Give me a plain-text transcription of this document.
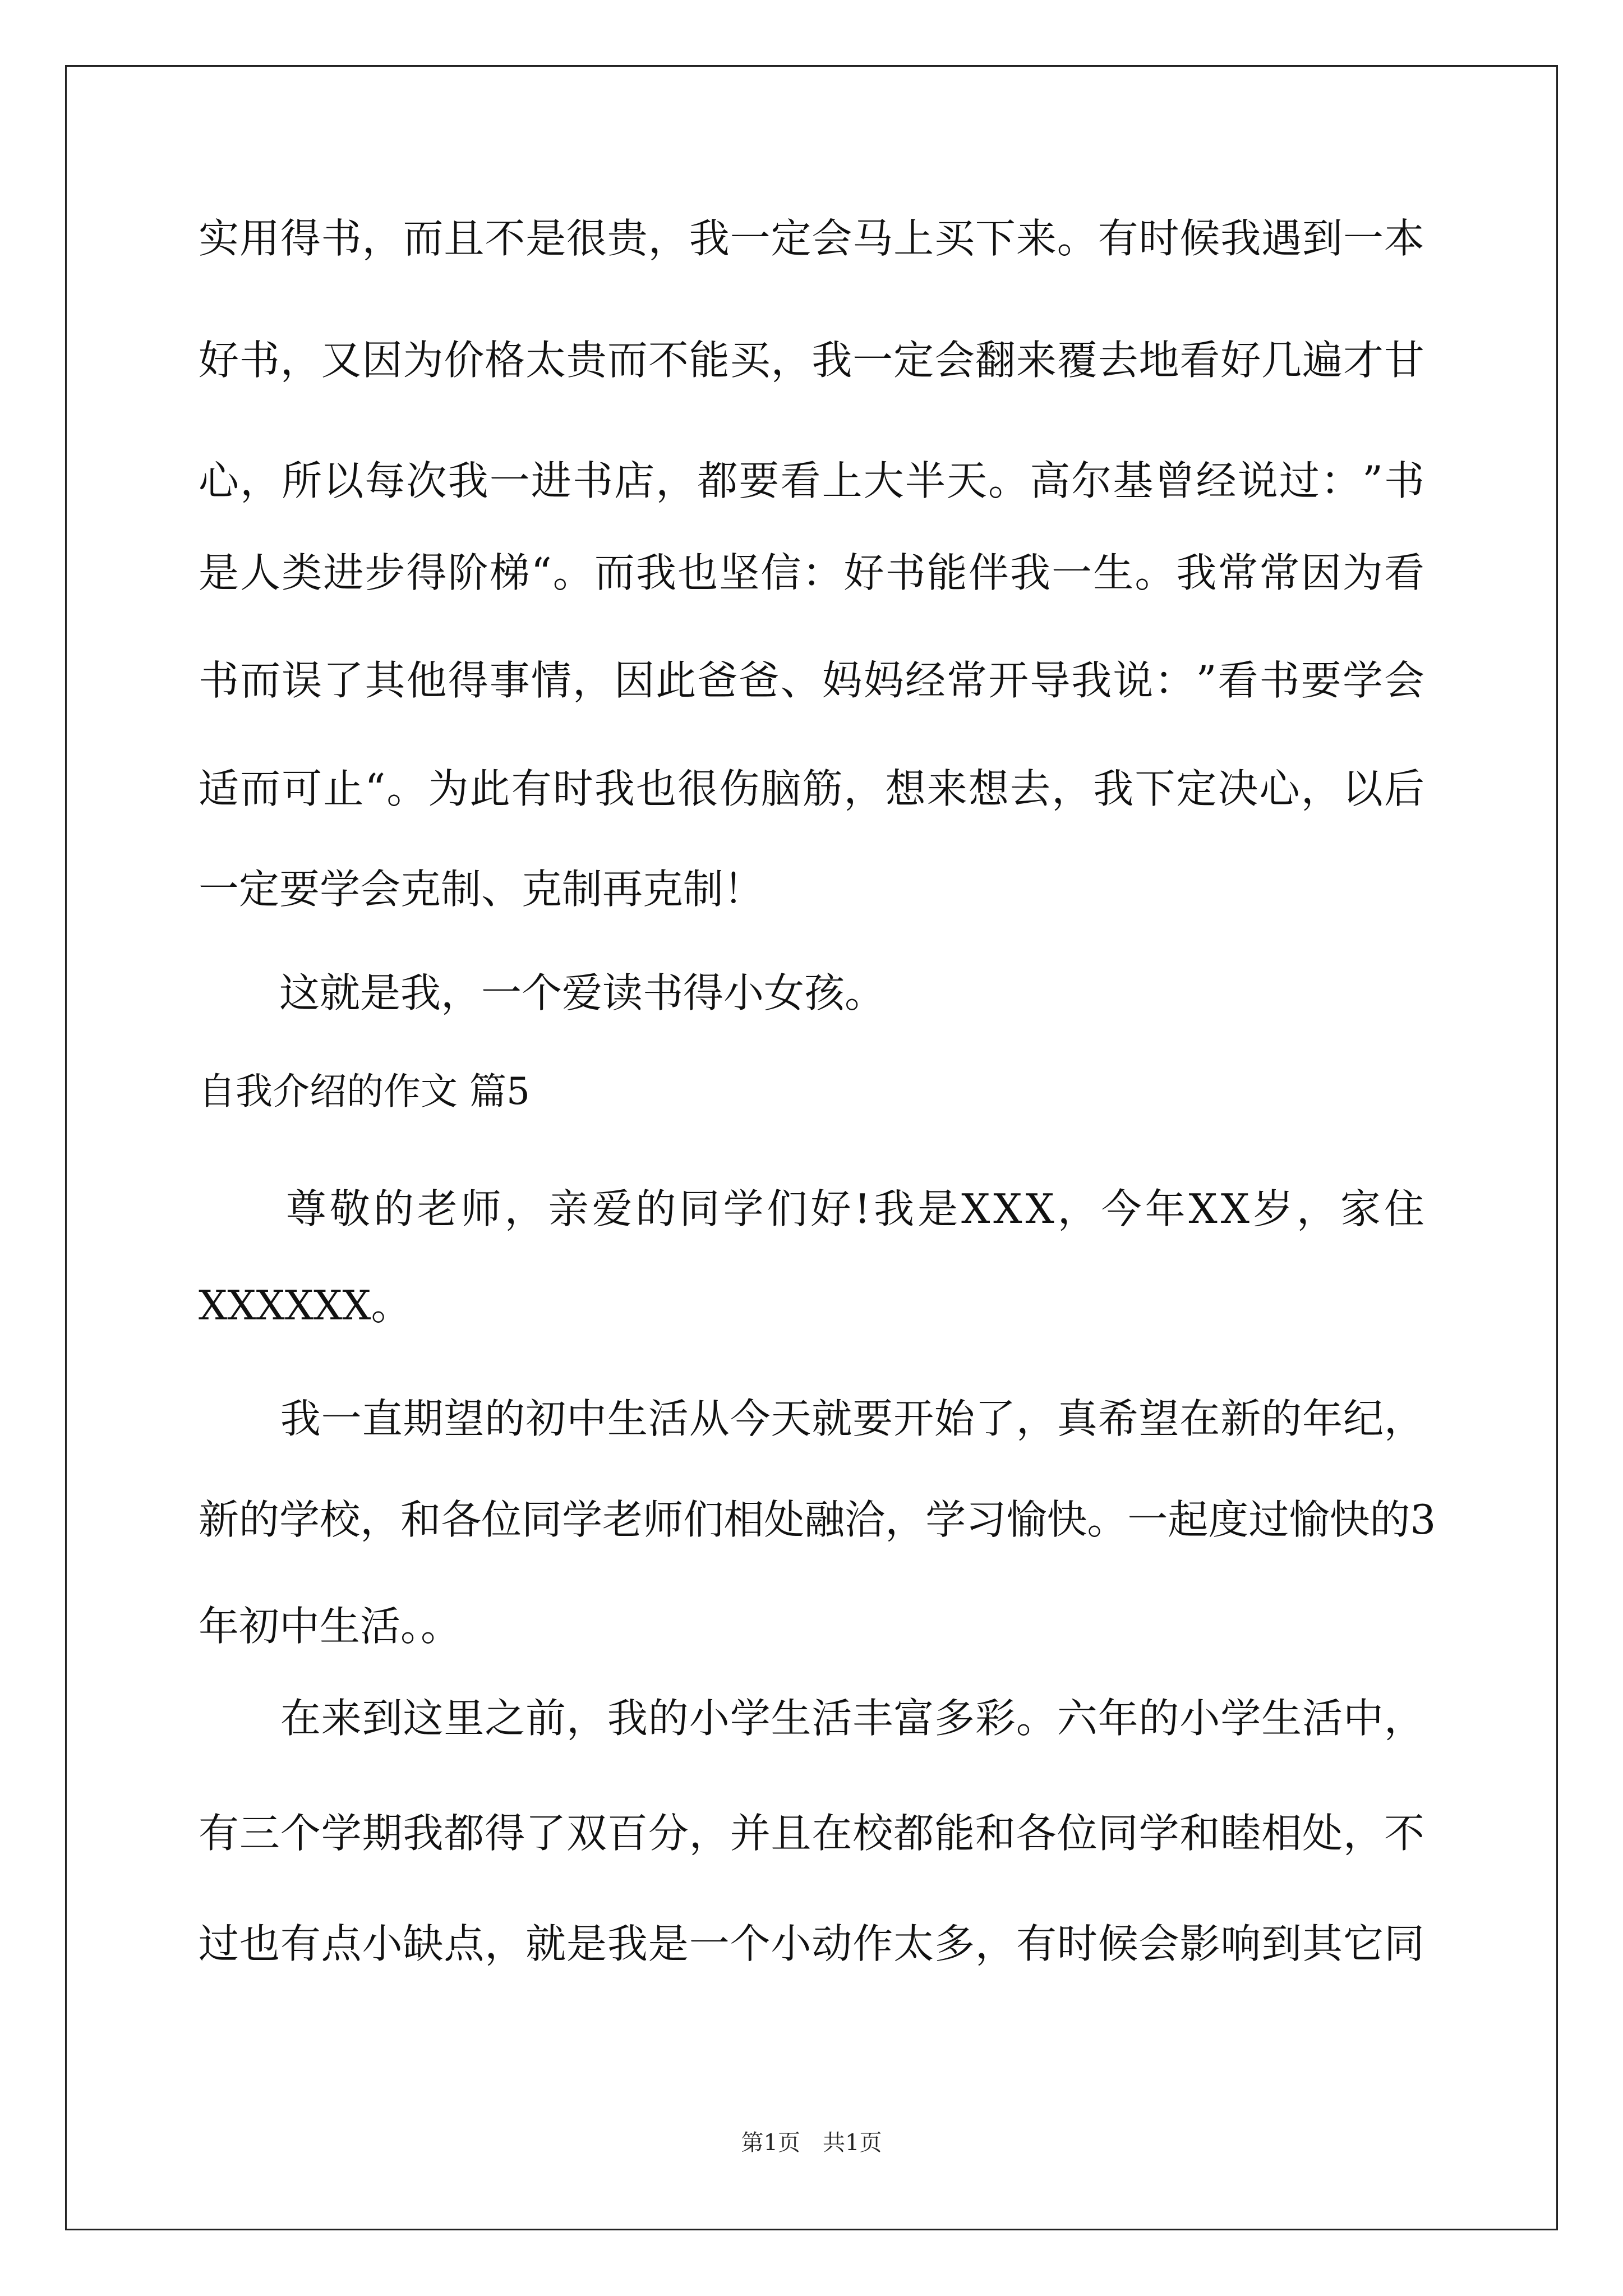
实 用 得 书 ， 而 且 不 是 很 贵 ， 我 一 定 会 马 上 买 下 来 。 有 时 候 我 遇 到 一 本
好 书 ， 又 因 为 价 格 太 贵 而 不 能 买 ， 我 一 定 会 翻 来 覆 去 地 看 好 几 遍 才 甘
心 ， 所 以 每 次 我 一 进 书 店 ， 都 要 看 上 大 半 天 。 高 尔 基 曾 经 说 过 ： ” 书
是 人 类 进 步 得 阶 梯 “ 。 而 我 也 坚 信 ： 好 书 能 伴 我 一 生 。 我 常 常 因 为 看
书 而 误 了 其 他 得 事 情 ， 因 此 爸 爸 、 妈 妈 经 常 开 导 我 说 ： ” 看 书 要 学 会
适 而 可 止 “ 。 为 此 有 时 我 也 很 伤 脑 筋 ， 想 来 想 去 ， 我 下 定 决 心 ， 以 后
一定要学会克制、克制再克制！
　　这就是我，一个爱读书得小女孩。
自我介绍的作文 篇5

尊 敬 的 老 师 ， 亲 爱 的 同 学 们 好 ! 我 是 X X X ， 今 年 X X 岁 ， 家 住
XXXXXX。

我 一 直 期 望 的 初 中 生 活 从 今 天 就 要 开 始 了 ， 真 希 望 在 新 的 年 纪 ，
新 的 学 校 ， 和 各 位 同 学 老 师 们 相 处 融 洽 ， 学 习 愉 快 。 一 起 度 过 愉 快 的 3
年初中生活。。

在 来 到 这 里 之 前 ， 我 的 小 学 生 活 丰 富 多 彩 。 六 年 的 小 学 生 活 中 ，
有 三 个 学 期 我 都 得 了 双 百 分 ， 并 且 在 校 都 能 和 各 位 同 学 和 睦 相 处 ， 不
过 也 有 点 小 缺 点 ， 就 是 我 是 一 个 小 动 作 太 多 ， 有 时 候 会 影 响 到 其 它 同
第1页　共1页
